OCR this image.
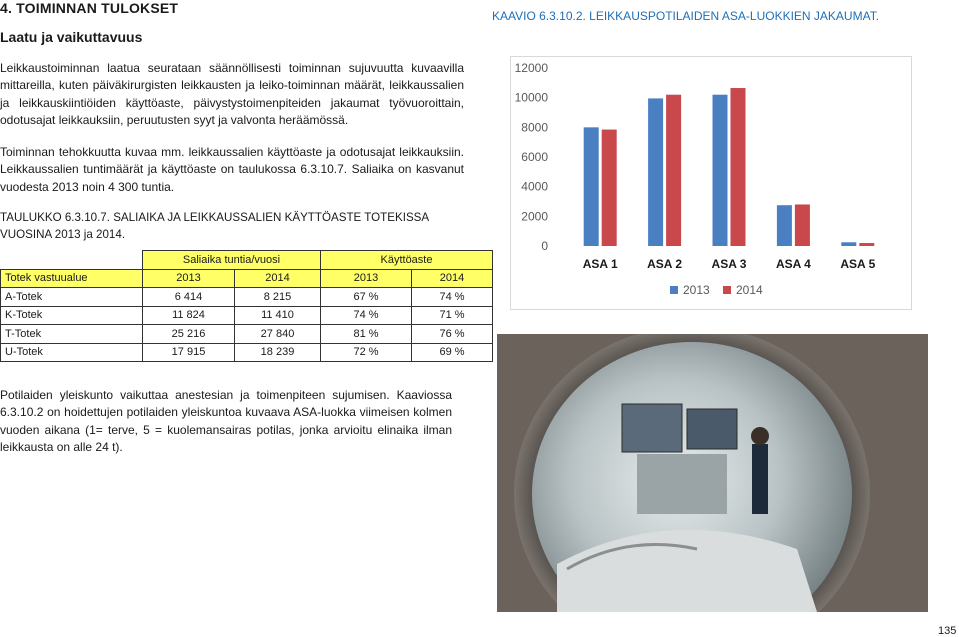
4. TOIMINNAN TULOKSET
Laatu ja vaikuttavuus
Leikkaustoiminnan laatua seurataan säännöllisesti toiminnan sujuvuutta kuvaavilla mittareilla, kuten päiväkirurgisten leikkausten ja leiko-toiminnan määrät, leikkaussalien ja leikkauskiintiöiden käyttöaste, päivystystoimenpiteiden jakaumat työvuoroittain, odotusajat leikkauksiin, peruutusten syyt ja valvonta heräämössä.
Toiminnan tehokkuutta kuvaa mm. leikkaussalien käyttöaste ja odotusajat leikkauksiin. Leikkaussalien tuntimäärät ja käyttöaste on taulukossa 6.3.10.7. Saliaika on kasvanut vuodesta 2013 noin 4 300 tuntia.
TAULUKKO 6.3.10.7. SALIAIKA JA LEIKKAUSSALIEN KÄYTTÖASTE TOTEKISSA VUOSINA 2013 ja 2014.
	Saliaika tuntia/vuosi		Käyttöaste	
Totek vastuualue	2013	2014	2013	2014
A-Totek	6 414	8 215	67 %	74 %
K-Totek	11 824	11 410	74 %	71 %
T-Totek	25 216	27 840	81 %	76 %
U-Totek	17 915	18 239	72 %	69 %
Potilaiden yleiskunto vaikuttaa anestesian ja toimenpiteen sujumisen. Kaaviossa 6.3.10.2 on hoidettujen potilaiden yleiskuntoa kuvaava ASA-luokka viimeisen kolmen vuoden aikana (1= terve, 5 = kuolemansairas potilas, jonka arvioitu elinaika ilman leikkausta on alle 24 t).
KAAVIO 6.3.10.2. LEIKKAUSPOTILAIDEN ASA-LUOKKIEN JAKAUMAT.
0
2000
4000
6000
8000
10000
12000
ASA 1 ASA 2 ASA 3 ASA 4 ASA 5
2013 2014
135
